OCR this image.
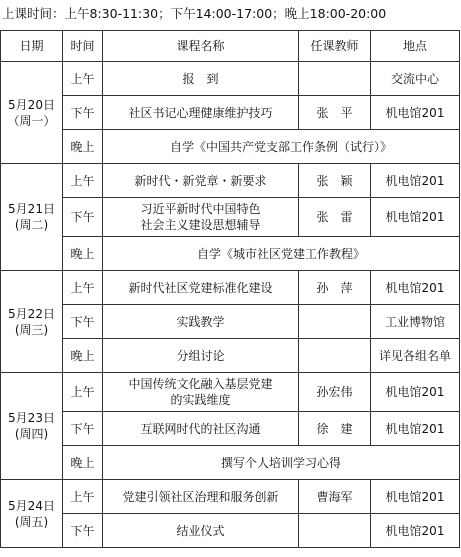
上课时间：上午8:30-11:30；下午14:00-17:00；晚上18:00-20:00
日期	时间	课程名称	任课教师	地点

5月20日
（周一）	上午	报　到		交流中心
	下午	社区书记心理健康维护技巧	张　平	机电馆201
	晚上	自学《中国共产党支部工作条例（试行）》		

5月21日
(周二)	上午	新时代・新党章・新要求	张　颖	机电馆201
	下午	习近平新时代中国特色
社会主义建设思想辅导	张　雷	机电馆201
	晚上	自学《城市社区党建工作教程》		

5月22日
(周三)	上午	新时代社区党建标准化建设	孙　萍	机电馆201
	下午	实践教学		工业博物馆
	晚上	分组讨论		详见各组名单

5月23日
(周四)	上午	中国传统文化融入基层党建
的实践维度	孙宏伟	机电馆201
	下午	互联网时代的社区沟通	徐　建	机电馆201
	晚上	撰写个人培训学习心得		

5月24日
(周五)	上午	党建引领社区治理和服务创新	曹海军	机电馆201
	下午	结业仪式		机电馆201
